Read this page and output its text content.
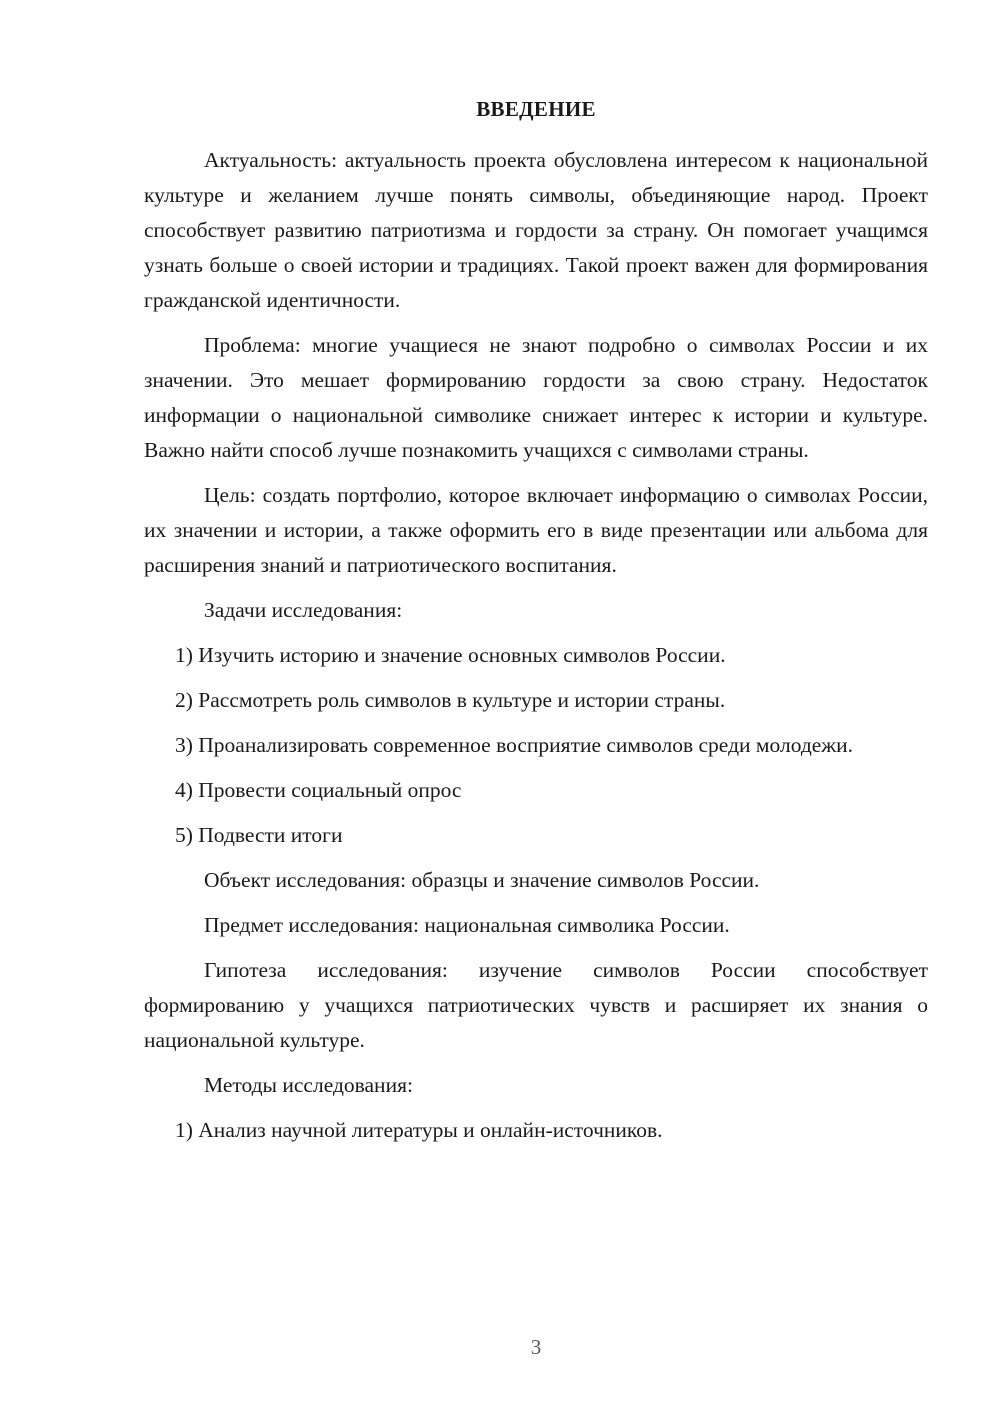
ВВЕДЕНИЕ

Актуальность: актуальность проекта обусловлена интересом к национальной культуре и желанием лучше понять символы, объединяющие народ. Проект способствует развитию патриотизма и гордости за страну. Он помогает учащимся узнать больше о своей истории и традициях. Такой проект важен для формирования гражданской идентичности.

Проблема: многие учащиеся не знают подробно о символах России и их значении. Это мешает формированию гордости за свою страну. Недостаток информации о национальной символике снижает интерес к истории и культуре. Важно найти способ лучше познакомить учащихся с символами страны.

Цель: создать портфолио, которое включает информацию о символах России, их значении и истории, а также оформить его в виде презентации или альбома для расширения знаний и патриотического воспитания.

Задачи исследования:

1) Изучить историю и значение основных символов России.

2) Рассмотреть роль символов в культуре и истории страны.

3) Проанализировать современное восприятие символов среди молодежи.

4) Провести социальный опрос

5) Подвести итоги

Объект исследования: образцы и значение символов России.

Предмет исследования: национальная символика России.

Гипотеза исследования: изучение символов России способствует формированию у учащихся патриотических чувств и расширяет их знания о национальной культуре.

Методы исследования:

1) Анализ научной литературы и онлайн-источников.

3
